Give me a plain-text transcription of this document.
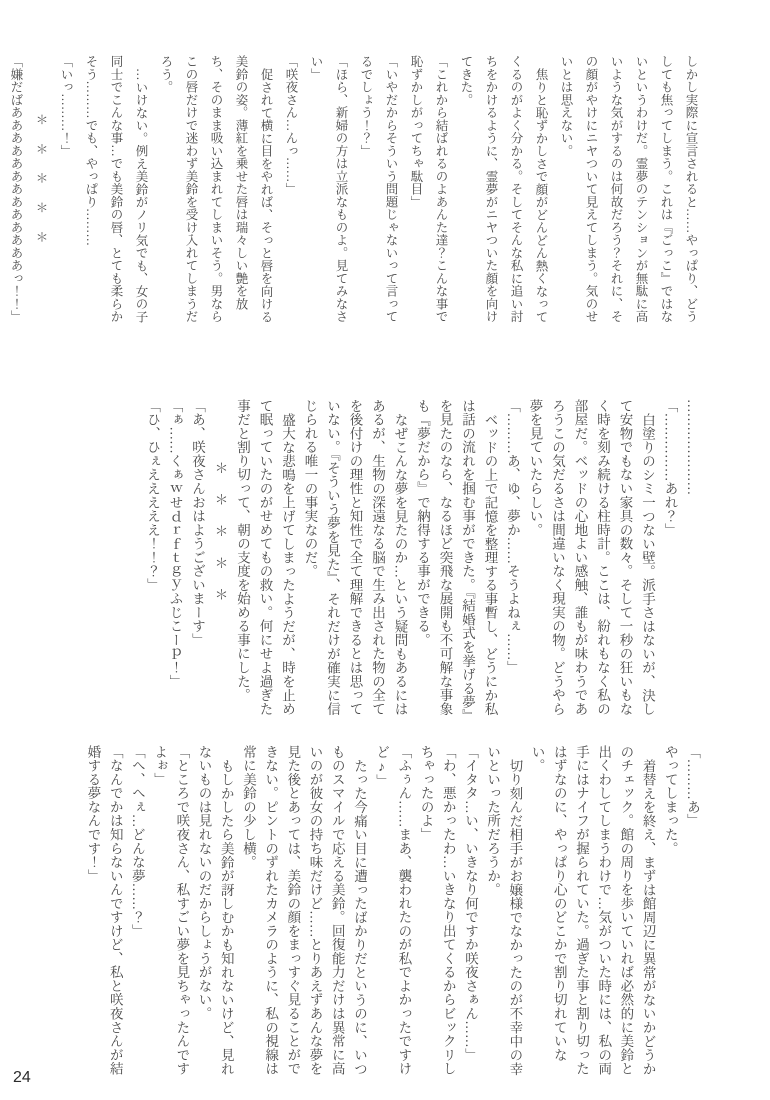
しかし実際に宣言されると……やっぱり、どうしても焦ってしまう。これは『ごっこ』ではないというわけだ。霊夢のテンションが無駄に高いような気がするのは何故だろう？それに、その顔がやけにニヤついて見えてしまう。気のせいとは思えない。

焦りと恥ずかしさで顔がどんどん熱くなってくるのがよく分かる。そしてそんな私に追い討ちをかけるように、霊夢がニヤついた顔を向けてきた。

「これから結ばれるのよあんた達？こんな事で恥ずかしがってちゃ駄目」

「いやだからそういう問題じゃないって言ってるでしょう！？」

「ほら、新婦の方は立派なものよ。見てみなさい」

「咲夜さん…んっ……」

促されて横に目をやれば、そっと唇を向ける美鈴の姿。薄紅を乗せた唇は瑞々しい艶を放ち、そのまま吸い込まれてしまいそう。男ならこの唇だけで迷わず美鈴を受け入れてしまうだろう。

…いけない。例え美鈴がノリ気でも、女の子同士でこんな事…でも美鈴の唇、とても柔らかそう………でも、やっぱり………

「いっ………！」

＊＊＊＊＊

「嫌だばあああああああああああああっ！！」

…………………

「……………あれ？」

白塗りのシミ一つない壁。派手さはないが、決して安物でもない家具の数々。そして一秒の狂いもなく時を刻み続ける柱時計。ここは、紛れもなく私の部屋だ。ベッドの心地よい感触、誰もが味わうであろうこの気だるさは間違いなく現実の物。どうやら夢を見ていたらしい。

「………あ、ゆ、夢か……そうよねぇ……」

ベッドの上で記憶を整理する事暫し、どうにか私は話の流れを掴む事ができた。『結婚式を挙げる夢』を見たのなら、なるほど突飛な展開も不可解な事象も『夢だから』で納得する事ができる。

なぜこんな夢を見たのか…という疑問もあるにはあるが、生物の深遠なる脳で生み出された物の全てを後付けの理性と知性で全て理解できるとは思っていない。『そういう夢を見た』、それだけが確実に信じられる唯一の事実なのだ。

盛大な悲鳴を上げてしまったようだが、時を止めて眠っていたのがせめてもの救い。何にせよ過ぎた事だと割り切って、朝の支度を始める事にした。

＊＊＊＊＊

「あ、咲夜さんおはようございまーす」

「ぁ……くぁｗせｄｒｆｔｇｙふじこーｐ！」

「ひ、ひぇえええええ！！？」

「………あ」

やってしまった。

着替えを終え、まずは館周辺に異常がないかどうかのチェック。館の周りを歩いていれば必然的に美鈴と出くわしてしまうわけで…気がついた時には、私の両手にはナイフが握られていた。過ぎた事と割り切ったはずなのに、やっぱり心のどこかで割り切れていない。

切り刻んだ相手がお嬢様でなかったのが不幸中の幸いといった所だろうか。

「イタタ…い、いきなり何ですか咲夜さぁん……」

「わ、悪かったわ…いきなり出てくるからビックリしちゃったのよ」

「ふぅん……まあ、襲われたのが私でよかったですけど♪」

たった今痛い目に遭ったばかりだというのに、いつものスマイルで応える美鈴。回復能力だけは異常に高いのが彼女の持ち味だけど……とりあえずあんな夢を見た後とあっては、美鈴の顔をまっすぐ見ることができない。ピントのずれたカメラのように、私の視線は常に美鈴の少し横。

もしかしたら美鈴が訝しむかも知れないけど、見れないものは見れないのだからしょうがない。

「ところで咲夜さん、私すごい夢を見ちゃったんですよぉ」

「へ、へぇ…どんな夢……？」

「なんでかは知らないんですけど、私と咲夜さんが結婚する夢なんです！」

24
